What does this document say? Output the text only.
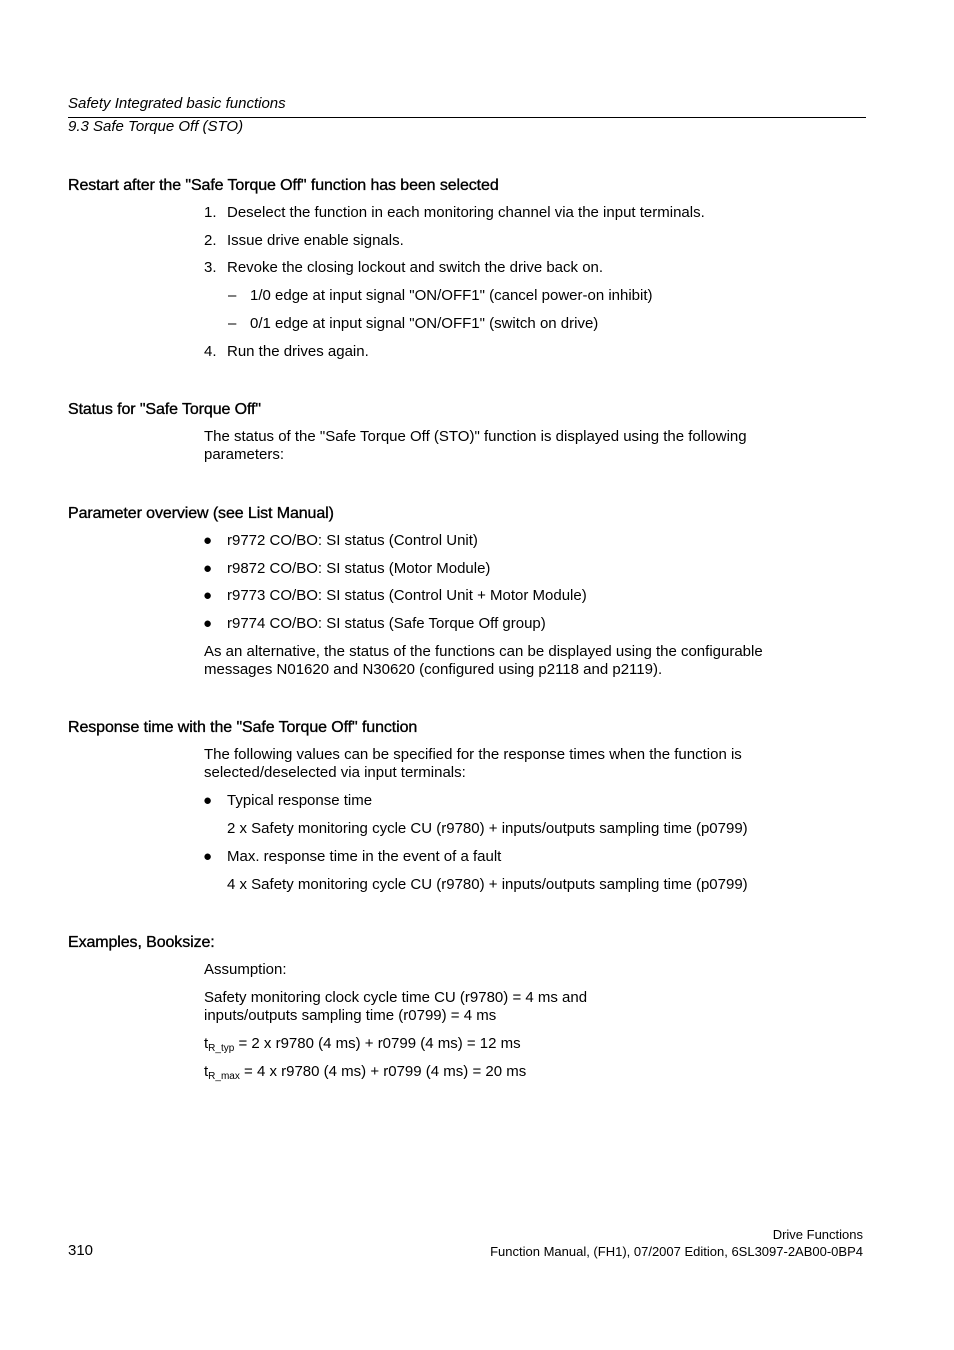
Safety Integrated basic functions
9.3 Safe Torque Off (STO)
Restart after the "Safe Torque Off" function has been selected
1. Deselect the function in each monitoring channel via the input terminals.
2. Issue drive enable signals.
3. Revoke the closing lockout and switch the drive back on.
– 1/0 edge at input signal "ON/OFF1" (cancel power-on inhibit)
– 0/1 edge at input signal "ON/OFF1" (switch on drive)
4. Run the drives again.
Status for "Safe Torque Off"

The status of the "Safe Torque Off (STO)" function is displayed using the following

parameters:

Parameter overview (see List Manual)
● r9772 CO/BO: SI status (Control Unit)
● r9872 CO/BO: SI status (Motor Module)
● r9773 CO/BO: SI status (Control Unit + Motor Module)
● r9774 CO/BO: SI status (Safe Torque Off group)

As an alternative, the status of the functions can be displayed using the configurable

messages N01620 and N30620 (configured using p2118 and p2119).

Response time with the "Safe Torque Off" function

The following values can be specified for the response times when the function is

selected/deselected via input terminals:

● Typical response time
2 x Safety monitoring cycle CU (r9780) + inputs/outputs sampling time (p0799)
● Max. response time in the event of a fault
4 x Safety monitoring cycle CU (r9780) + inputs/outputs sampling time (p0799)
Examples, Booksize:

Assumption:

Safety monitoring clock cycle time CU (r9780) = 4 ms and

inputs/outputs sampling time (r0799) = 4 ms

$t_{R\_typ} = 2$ x r9780 (4 ms) + r0799 (4 ms) = 12 ms

$t_{R\_max} = 4$ x r9780 (4 ms) + r0799 (4 ms) = 20 ms

Drive Functions
310	Function Manual, (FH1), 07/2007 Edition, 6SL3097-2AB00-0BP4
